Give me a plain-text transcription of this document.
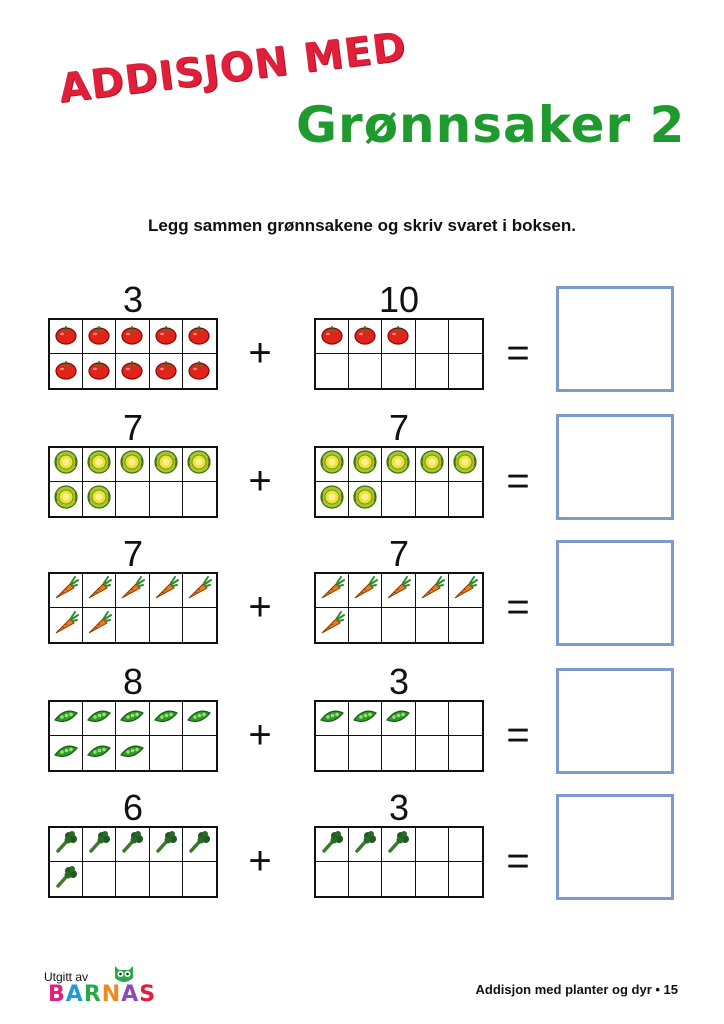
ADDISJON MED
Grønnsaker 2
Legg sammen grønnsakene og skriv svaret i boksen.
3
+
10
=
7
+
7
=
7
+
7
=
8
+
3
=
6
+
3
=
Utgitt av
BARNAS	Addisjon med planter og dyr • 15
